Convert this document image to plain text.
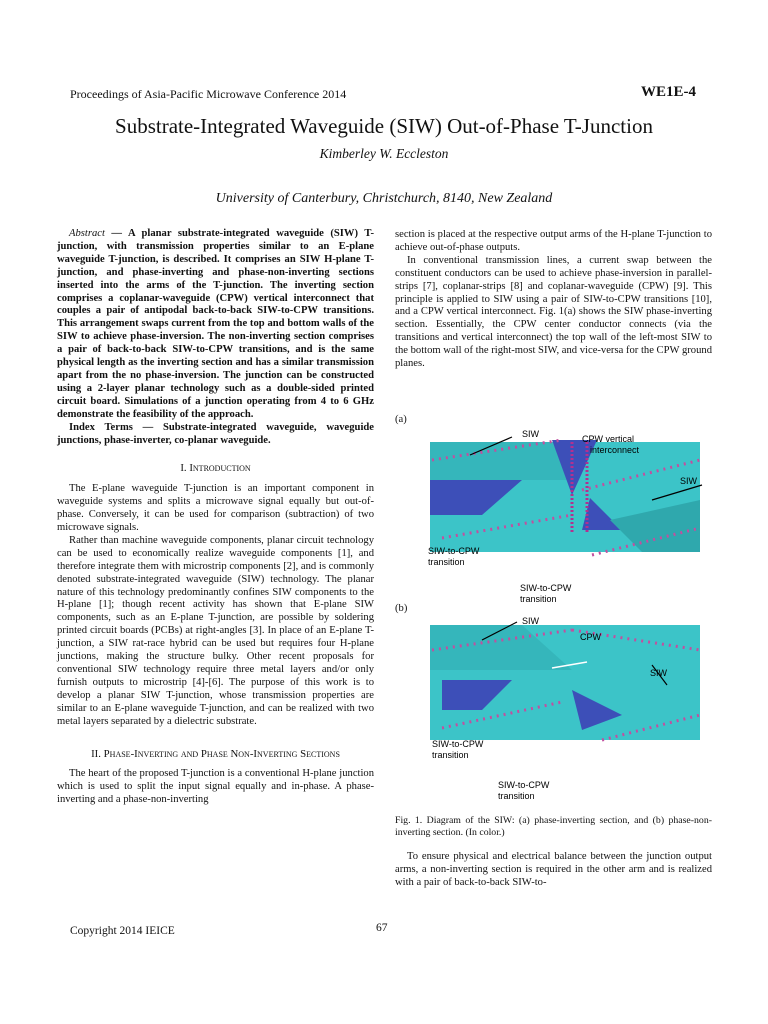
Proceedings of Asia-Pacific Microwave Conference 2014	WE1E-4
Substrate-Integrated Waveguide (SIW) Out-of-Phase T-Junction
Kimberley W. Eccleston
University of Canterbury, Christchurch, 8140, New Zealand

Abstract — A planar substrate-integrated waveguide (SIW) T-junction, with transmission properties similar to an E-plane waveguide T-junction, is described. It comprises an SIW H-plane T-junction, and phase-inverting and phase-non-inverting sections inserted into the arms of the T-junction. The inverting section comprises a coplanar-waveguide (CPW) vertical interconnect that couples a pair of antipodal back-to-back SIW-to-CPW transitions. This arrangement swaps current from the top and bottom walls of the SIW to achieve phase-inversion. The non-inverting section comprises a pair of back-to-back SIW-to-CPW transitions, and is the same physical length as the inverting section and has a similar transmission apart from the no phase-inversion. The junction can be constructed using a 2-layer planar technology such as a double-sided printed circuit board. Simulations of a junction operating from 4 to 6 GHz demonstrate the feasibility of the approach.

Index Terms — Substrate-integrated waveguide, waveguide junctions, phase-inverter, co-planar waveguide.

I. Introduction

The E-plane waveguide T-junction is an important component in waveguide systems and splits a microwave signal equally but out-of-phase. Conversely, it can be used for comparison (subtraction) of two microwave signals.

Rather than machine waveguide components, planar circuit technology can be used to economically realize waveguide components [1], and therefore integrate them with microstrip components [2], and is commonly denoted substrate-integrated waveguide (SIW) technology. The planar nature of this technology predominantly confines SIW components to the H-plane [1]; though recent activity has shown that E-plane SIW components, such as an E-plane T-junction, are possible by soldering printed circuit boards (PCBs) at right-angles [3]. In place of an E-plane T-junction, a SIW rat-race hybrid can be used but requires four H-plane junctions, making the structure bulky. Other recent proposals for conventional SIW technology require three metal layers and/or only furnish outputs to microstrip [4]-[6]. The purpose of this work is to develop a planar SIW T-junction, whose transmission properties are similar to an E-plane waveguide T-junction, and can be realized with two metal layers separated by a dielectric substrate.

II. Phase-Inverting and Phase Non-Inverting Sections

The heart of the proposed T-junction is a conventional H-plane junction which is used to split the input signal equally and in-phase. A phase-inverting and a phase-non-inverting

section is placed at the respective output arms of the H-plane T-junction to achieve out-of-phase outputs.

In conventional transmission lines, a current swap between the constituent conductors can be used to achieve phase-inversion in parallel-strips [7], coplanar-strips [8] and coplanar-waveguide (CPW) [9]. This principle is applied to SIW using a pair of SIW-to-CPW transitions [10], and a CPW vertical interconnect. Fig. 1(a) shows the SIW phase-inverting section. Essentially, the CPW center conductor connects (via the transitions and vertical interconnect) the top wall of the left-most SIW to the bottom wall of the right-most SIW, and vice-versa for the CPW ground planes.

(a)
(b)
SIW	CPW vertical
interconnect
SIW
SIW-to-CPW
transition
SIW-to-CPW
transition
SIW
CPW
SIW
SIW-to-CPW
transition
SIW-to-CPW
transition
Fig. 1. Diagram of the SIW: (a) phase-inverting section, and (b) phase-non-inverting section. (In color.)

To ensure physical and electrical balance between the junction output arms, a non-inverting section is required in the other arm and is realized with a pair of back-to-back SIW-to-

Copyright 2014 IEICE	67
